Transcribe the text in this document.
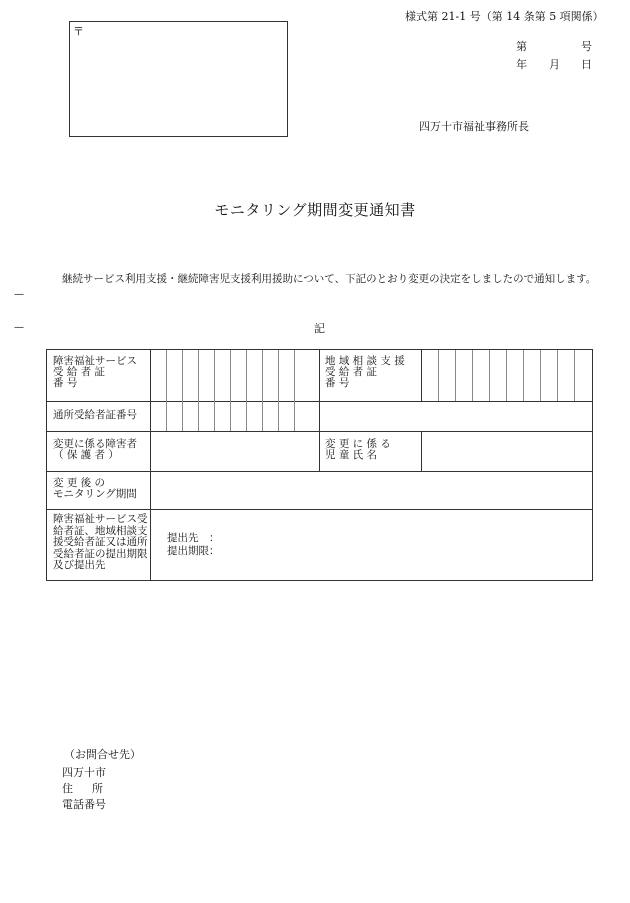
様式第 21-1 号（第 14 条第 5 項関係）
第	号
年 月 日
四万十市福祉事務所長
〒
モニタリング期間変更通知書
継続サービス利用支援・継続障害児支援利用援助について、下記のとおり変更の決定をしましたので通知します。
—
—	記
障害福祉サービス
受 給 者 証
番 号
地 域 相 談 支 援
受 給 者 証
番 号
通所受給者証番号
変更に係る障害者
（ 保 護 者 ）
変 更 に 係 る
児 童 氏 名
変 更 後 の
モニタリング期間
障害福祉サービス受
給者証、地域相談支
援受給者証又は通所
受給者証の提出期限
及び提出先
提出先　：
提出期限：
（お問合せ先）
四万十市
住 所
電話番号
